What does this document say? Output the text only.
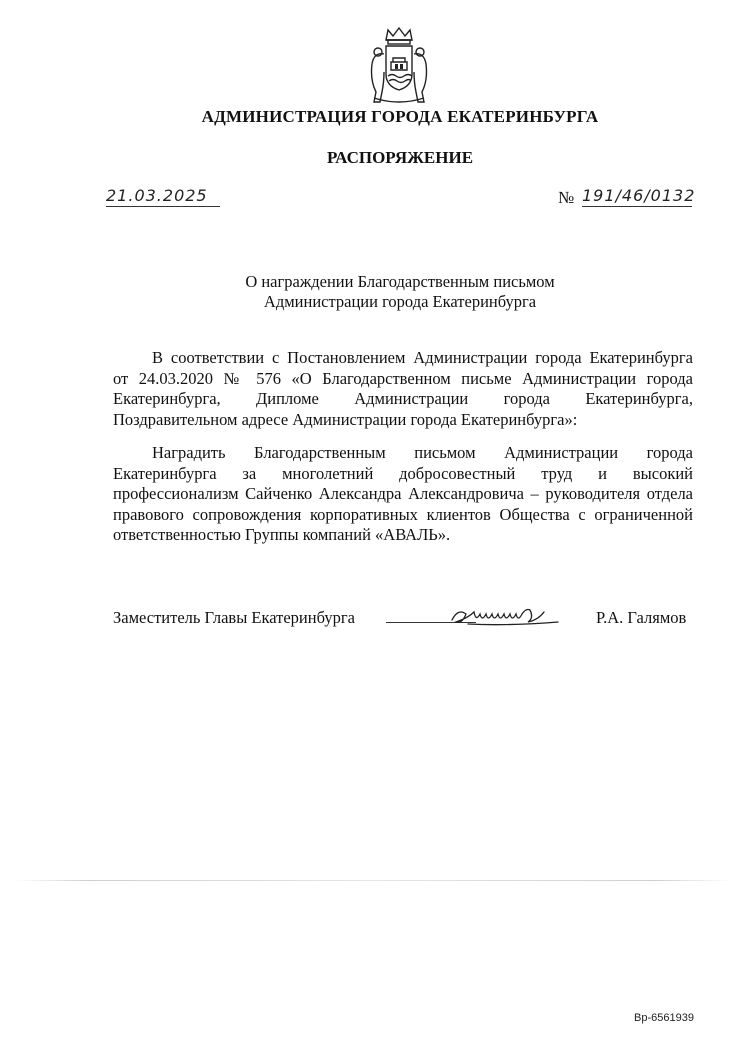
АДМИНИСТРАЦИЯ ГОРОДА ЕКАТЕРИНБУРГА
РАСПОРЯЖЕНИЕ
21.03.2025	№ 191/46/0132
О награждении Благодарственным письмом
Администрации города Екатеринбурга
В соответствии с Постановлением Администрации города Екатеринбурга
от 24.03.2020 № 576 «О Благодарственном письме Администрации города
Екатеринбурга, Дипломе Администрации города Екатеринбурга,
Поздравительном адресе Администрации города Екатеринбурга»:
Наградить Благодарственным письмом Администрации города
Екатеринбурга за многолетний добросовестный труд и высокий
профессионализм Сайченко Александра Александровича – руководителя отдела
правового сопровождения корпоративных клиентов Общества с ограниченной
ответственностью Группы компаний «АВАЛЬ».
Заместитель Главы Екатеринбурга	Р.А. Галямов
Вр-6561939
